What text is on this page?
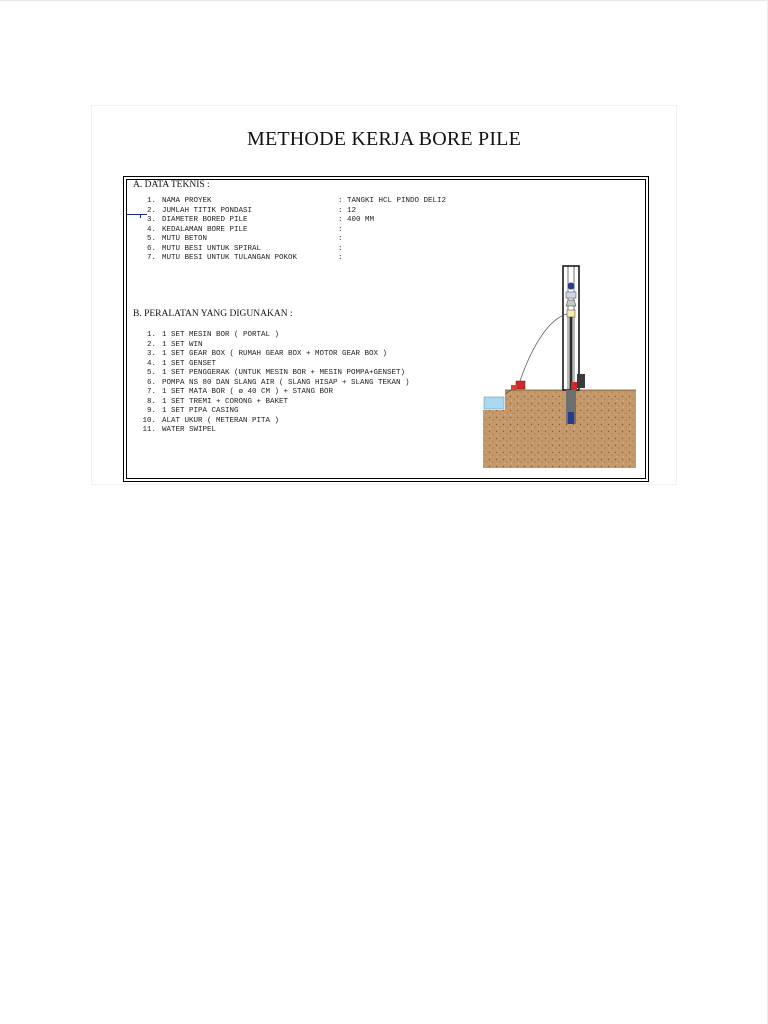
METHODE KERJA BORE PILE
A. DATA TEKNIS :
1. NAMA PROYEK	: TANGKI HCL PINDO DELI2
2. JUMLAH TITIK PONDASI	: 12
3. DIAMETER BORED PILE	: 400 MM
4. KEDALAMAN BORE PILE	:
5. MUTU BETON	:
6. MUTU BESI UNTUK SPIRAL	:
7. MUTU BESI UNTUK TULANGAN POKOK	:
B. PERALATAN YANG DIGUNAKAN :
1. 1 SET MESIN BOR ( PORTAL )
2. 1 SET WIN
3. 1 SET GEAR BOX ( RUMAH GEAR BOX + MOTOR GEAR BOX )
4. 1 SET GENSET
5. 1 SET PENGGERAK (UNTUK MESIN BOR + MESIN POMPA+GENSET)
6. POMPA NS 80 DAN SLANG AIR ( SLANG HISAP + SLANG TEKAN )
7. 1 SET MATA BOR ( ø 40 CM ) + STANG BOR
8. 1 SET TREMI + CORONG + BAKET
9. 1 SET PIPA CASING
10. ALAT UKUR ( METERAN PITA )
11. WATER SWIPEL
